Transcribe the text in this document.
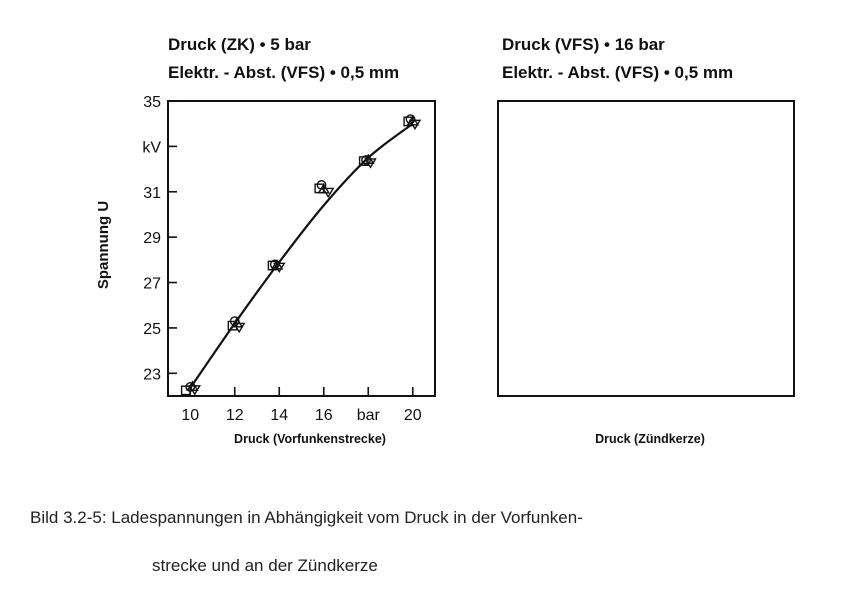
Druck (ZK) • 5 bar
Elektr. - Abst. (VFS) • 0,5 mm
23
25
27
29
31
kV
35
10 12 14 16 bar 20
Spannung U
Druck (Vorfunkenstrecke)
Druck (VFS) • 16 bar
Elektr. - Abst. (VFS) • 0,5 mm
Druck (Zündkerze)
Bild 3.2-5: Ladespannungen in Abhängigkeit vom Druck in der Vorfunken-
strecke und an der Zündkerze
